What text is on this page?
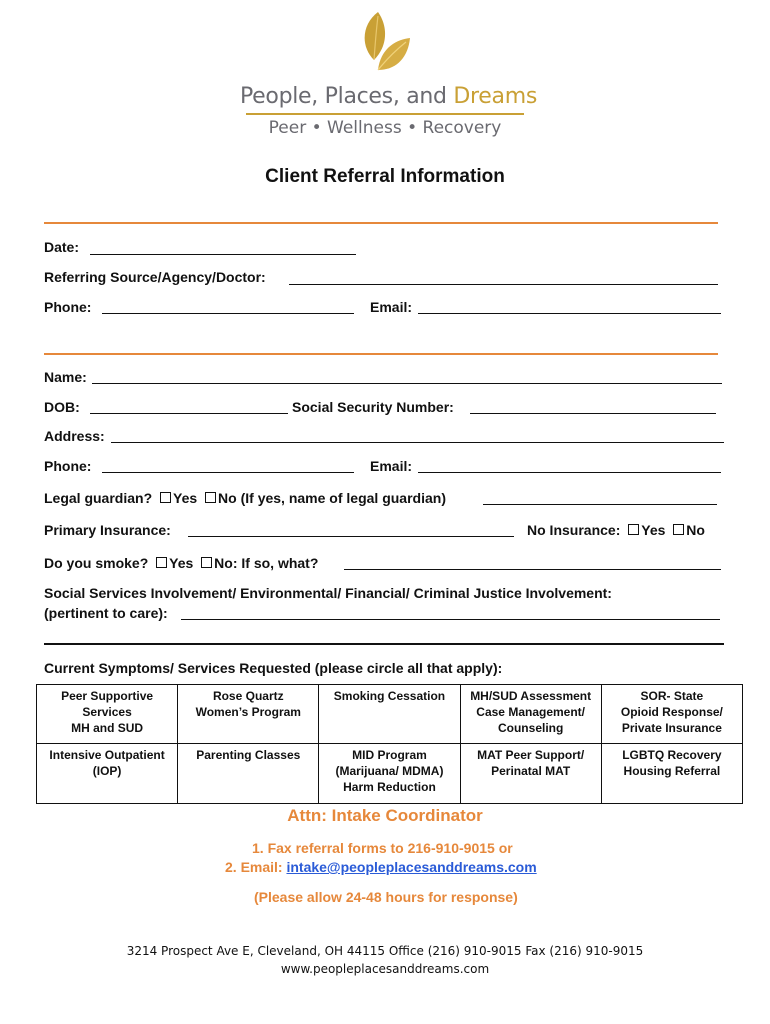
People, Places, and Dreams
Peer • Wellness • Recovery
Client Referral Information
Date:
Referring Source/Agency/Doctor:
Phone:	Email:
Name:
DOB:	Social Security Number:
Address:
Phone:	Email:
Legal guardian? Yes No (If yes, name of legal guardian)
Primary Insurance:	No Insurance: Yes No
Do you smoke? Yes No: If so, what?
Social Services Involvement/ Environmental/ Financial/ Criminal Justice Involvement:
(pertinent to care):
Current Symptoms/ Services Requested (please circle all that apply):
Peer Supportive
Services
MH and SUD	Rose Quartz
Women’s Program	Smoking Cessation	MH/SUD Assessment
Case Management/
Counseling	SOR- State
Opioid Response/
Private Insurance
Intensive Outpatient
(IOP)	Parenting Classes	MID Program
(Marijuana/ MDMA)
Harm Reduction	MAT Peer Support/
Perinatal MAT	LGBTQ Recovery
Housing Referral
Attn: Intake Coordinator
1. Fax referral forms to 216-910-9015 or
2. Email: intake@peopleplacesanddreams.com
(Please allow 24-48 hours for response)
3214 Prospect Ave E, Cleveland, OH 44115 Office (216) 910-9015 Fax (216) 910-9015
www.peopleplacesanddreams.com
